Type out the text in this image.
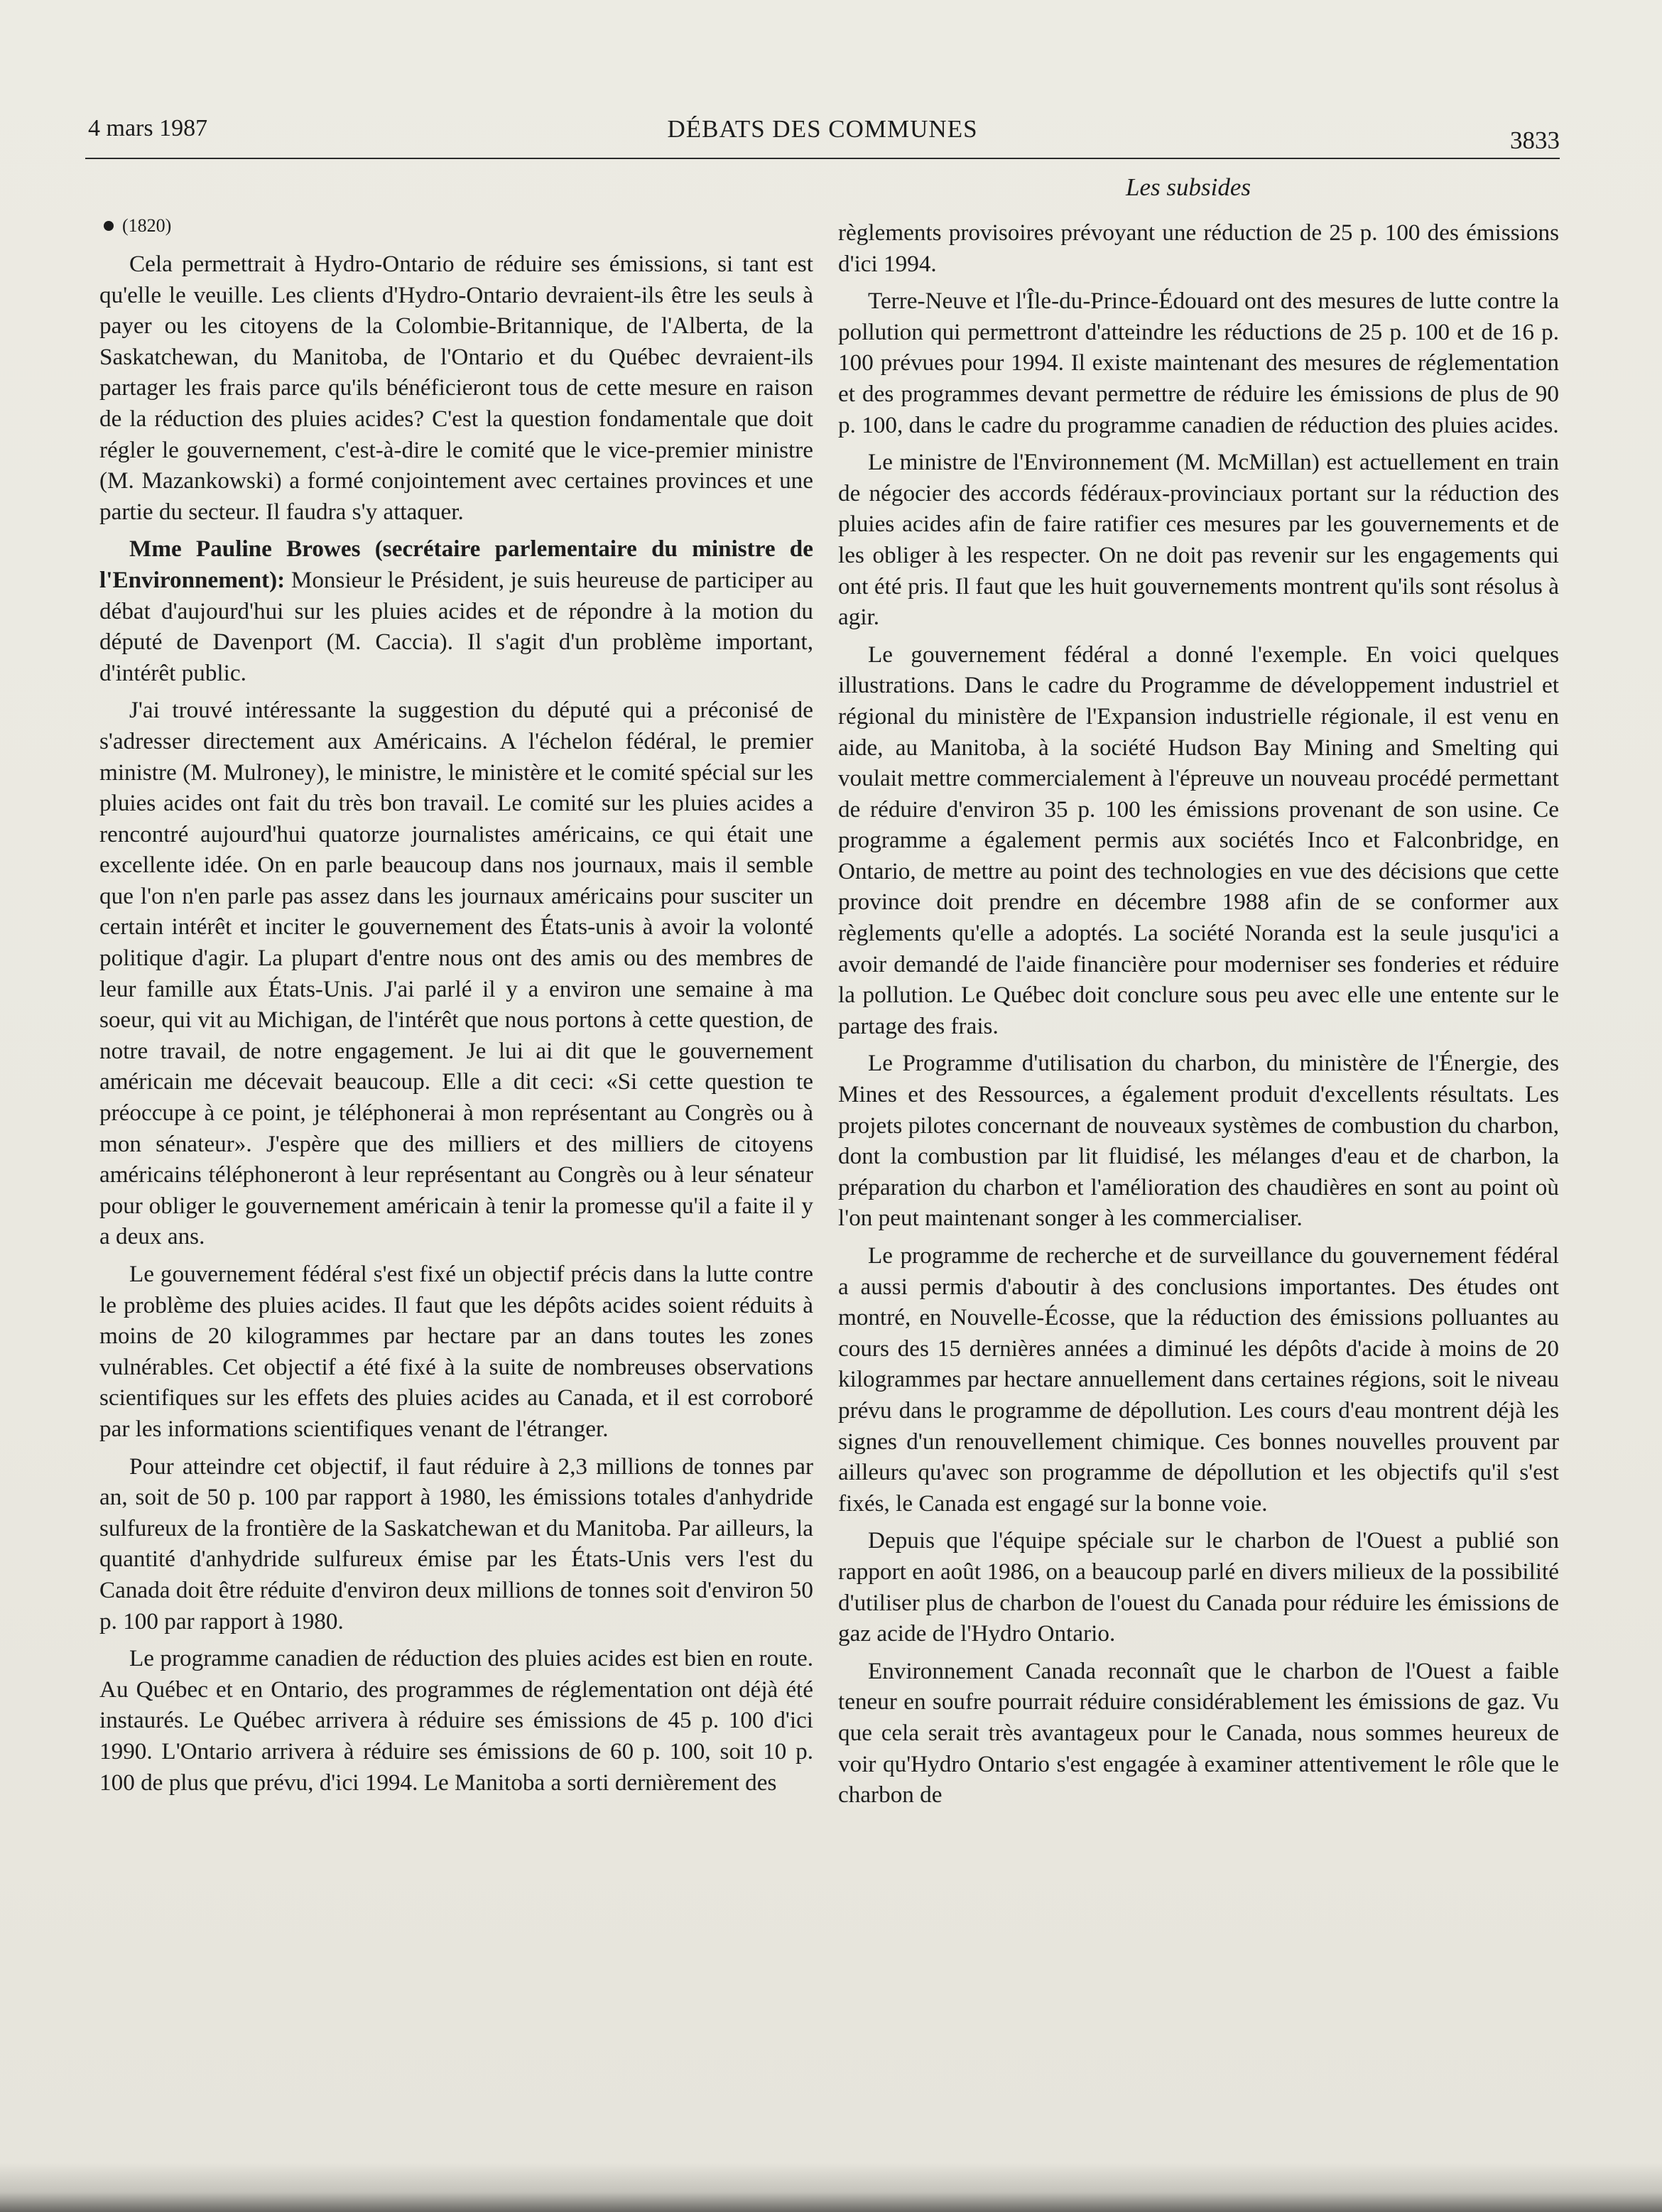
4 mars 1987	DÉBATS DES COMMUNES	3833
Les subsides
(1820)

Cela permettrait à Hydro-Ontario de réduire ses émissions, si tant est qu'elle le veuille. Les clients d'Hydro-Ontario devraient-ils être les seuls à payer ou les citoyens de la Colombie-Britannique, de l'Alberta, de la Saskatchewan, du Manitoba, de l'Ontario et du Québec devraient-ils partager les frais parce qu'ils bénéficieront tous de cette mesure en raison de la réduction des pluies acides? C'est la question fondamentale que doit régler le gouvernement, c'est-à-dire le comité que le vice-premier ministre (M. Mazankowski) a formé conjointement avec certaines provinces et une partie du secteur. Il faudra s'y attaquer.

Mme Pauline Browes (secrétaire parlementaire du ministre de l'Environnement): Monsieur le Président, je suis heureuse de participer au débat d'aujourd'hui sur les pluies acides et de répondre à la motion du député de Davenport (M. Caccia). Il s'agit d'un problème important, d'intérêt public.

J'ai trouvé intéressante la suggestion du député qui a préconisé de s'adresser directement aux Américains. A l'échelon fédéral, le premier ministre (M. Mulroney), le ministre, le ministère et le comité spécial sur les pluies acides ont fait du très bon travail. Le comité sur les pluies acides a rencontré aujourd'hui quatorze journalistes américains, ce qui était une excellente idée. On en parle beaucoup dans nos journaux, mais il semble que l'on n'en parle pas assez dans les journaux américains pour susciter un certain intérêt et inciter le gouvernement des États-unis à avoir la volonté politique d'agir. La plupart d'entre nous ont des amis ou des membres de leur famille aux États-Unis. J'ai parlé il y a environ une semaine à ma soeur, qui vit au Michigan, de l'intérêt que nous portons à cette question, de notre travail, de notre engagement. Je lui ai dit que le gouvernement américain me décevait beaucoup. Elle a dit ceci: «Si cette question te préoccupe à ce point, je téléphonerai à mon représentant au Congrès ou à mon sénateur». J'espère que des milliers et des milliers de citoyens américains téléphoneront à leur représentant au Congrès ou à leur sénateur pour obliger le gouvernement américain à tenir la promesse qu'il a faite il y a deux ans.

Le gouvernement fédéral s'est fixé un objectif précis dans la lutte contre le problème des pluies acides. Il faut que les dépôts acides soient réduits à moins de 20 kilogrammes par hectare par an dans toutes les zones vulnérables. Cet objectif a été fixé à la suite de nombreuses observations scientifiques sur les effets des pluies acides au Canada, et il est corroboré par les informations scientifiques venant de l'étranger.

Pour atteindre cet objectif, il faut réduire à 2,3 millions de tonnes par an, soit de 50 p. 100 par rapport à 1980, les émissions totales d'anhydride sulfureux de la frontière de la Saskatchewan et du Manitoba. Par ailleurs, la quantité d'anhydride sulfureux émise par les États-Unis vers l'est du Canada doit être réduite d'environ deux millions de tonnes soit d'environ 50 p. 100 par rapport à 1980.

Le programme canadien de réduction des pluies acides est bien en route. Au Québec et en Ontario, des programmes de réglementation ont déjà été instaurés. Le Québec arrivera à réduire ses émissions de 45 p. 100 d'ici 1990. L'Ontario arrivera à réduire ses émissions de 60 p. 100, soit 10 p. 100 de plus que prévu, d'ici 1994. Le Manitoba a sorti dernièrement des

règlements provisoires prévoyant une réduction de 25 p. 100 des émissions d'ici 1994.

Terre-Neuve et l'Île-du-Prince-Édouard ont des mesures de lutte contre la pollution qui permettront d'atteindre les réductions de 25 p. 100 et de 16 p. 100 prévues pour 1994. Il existe maintenant des mesures de réglementation et des programmes devant permettre de réduire les émissions de plus de 90 p. 100, dans le cadre du programme canadien de réduction des pluies acides.

Le ministre de l'Environnement (M. McMillan) est actuellement en train de négocier des accords fédéraux-provinciaux portant sur la réduction des pluies acides afin de faire ratifier ces mesures par les gouvernements et de les obliger à les respecter. On ne doit pas revenir sur les engagements qui ont été pris. Il faut que les huit gouvernements montrent qu'ils sont résolus à agir.

Le gouvernement fédéral a donné l'exemple. En voici quelques illustrations. Dans le cadre du Programme de développement industriel et régional du ministère de l'Expansion industrielle régionale, il est venu en aide, au Manitoba, à la société Hudson Bay Mining and Smelting qui voulait mettre commercialement à l'épreuve un nouveau procédé permettant de réduire d'environ 35 p. 100 les émissions provenant de son usine. Ce programme a également permis aux sociétés Inco et Falconbridge, en Ontario, de mettre au point des technologies en vue des décisions que cette province doit prendre en décembre 1988 afin de se conformer aux règlements qu'elle a adoptés. La société Noranda est la seule jusqu'ici a avoir demandé de l'aide financière pour moderniser ses fonderies et réduire la pollution. Le Québec doit conclure sous peu avec elle une entente sur le partage des frais.

Le Programme d'utilisation du charbon, du ministère de l'Énergie, des Mines et des Ressources, a également produit d'excellents résultats. Les projets pilotes concernant de nouveaux systèmes de combustion du charbon, dont la combustion par lit fluidisé, les mélanges d'eau et de charbon, la préparation du charbon et l'amélioration des chaudières en sont au point où l'on peut maintenant songer à les commercialiser.

Le programme de recherche et de surveillance du gouvernement fédéral a aussi permis d'aboutir à des conclusions importantes. Des études ont montré, en Nouvelle-Écosse, que la réduction des émissions polluantes au cours des 15 dernières années a diminué les dépôts d'acide à moins de 20 kilogrammes par hectare annuellement dans certaines régions, soit le niveau prévu dans le programme de dépollution. Les cours d'eau montrent déjà les signes d'un renouvellement chimique. Ces bonnes nouvelles prouvent par ailleurs qu'avec son programme de dépollution et les objectifs qu'il s'est fixés, le Canada est engagé sur la bonne voie.

Depuis que l'équipe spéciale sur le charbon de l'Ouest a publié son rapport en août 1986, on a beaucoup parlé en divers milieux de la possibilité d'utiliser plus de charbon de l'ouest du Canada pour réduire les émissions de gaz acide de l'Hydro Ontario.

Environnement Canada reconnaît que le charbon de l'Ouest a faible teneur en soufre pourrait réduire considérablement les émissions de gaz. Vu que cela serait très avantageux pour le Canada, nous sommes heureux de voir qu'Hydro Ontario s'est engagée à examiner attentivement le rôle que le charbon de
